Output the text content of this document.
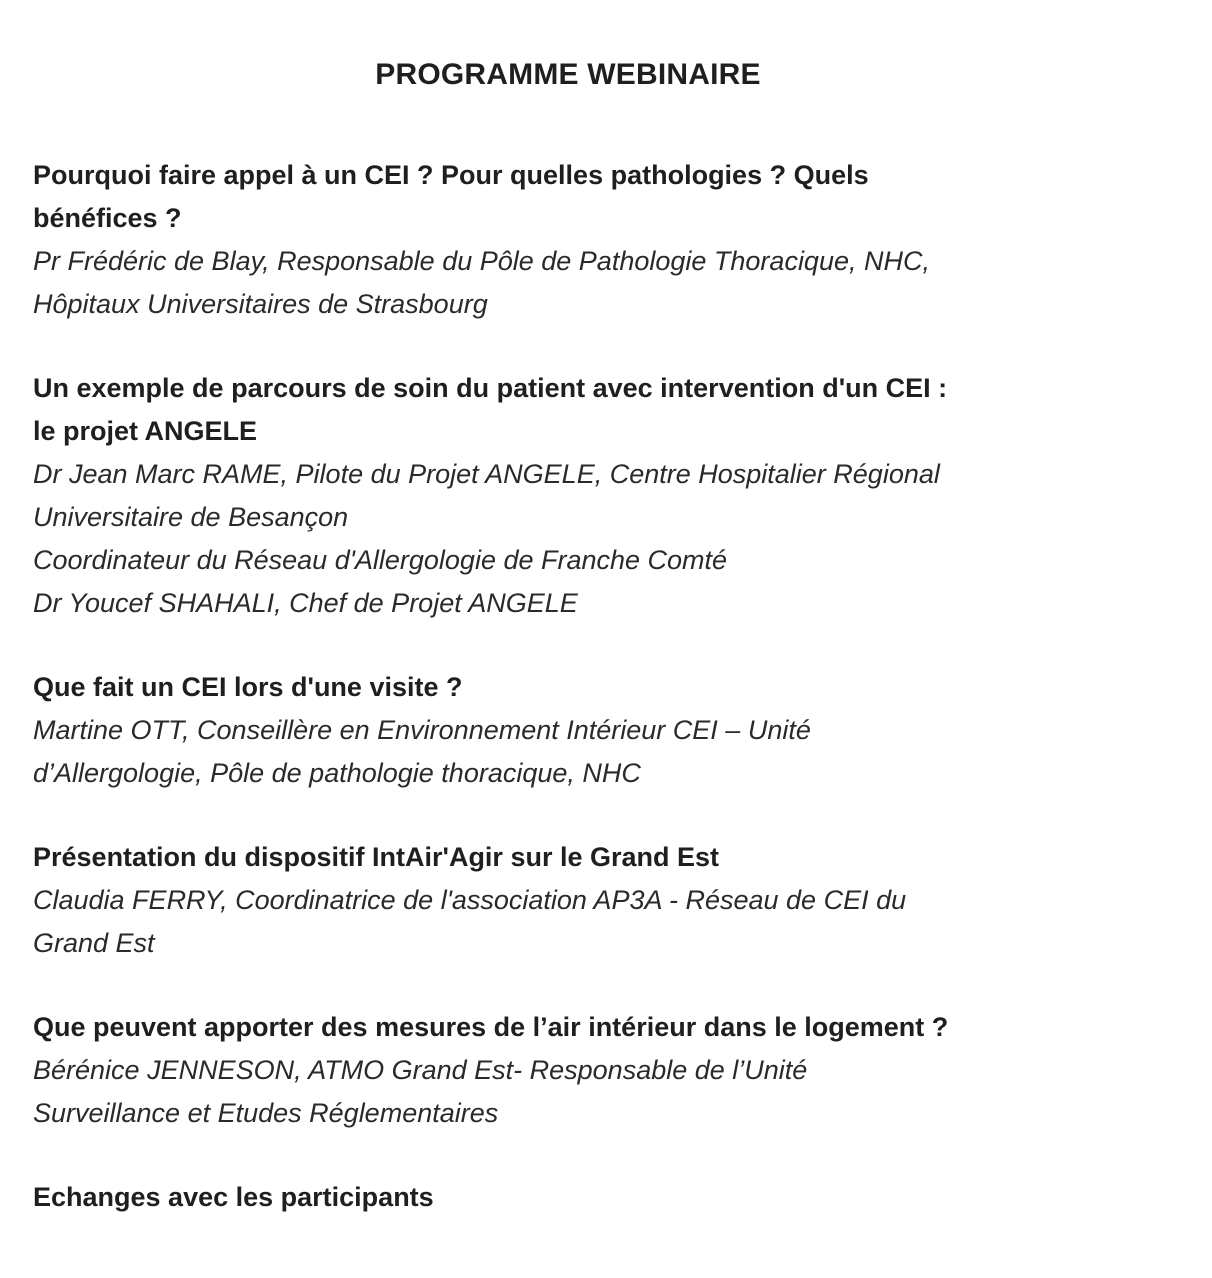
PROGRAMME WEBINAIRE

Pourquoi faire appel à un CEI ? Pour quelles pathologies ? Quels

bénéfices ?

Pr Frédéric de Blay, Responsable du Pôle de Pathologie Thoracique, NHC,

Hôpitaux Universitaires de Strasbourg

Un exemple de parcours de soin du patient avec intervention d'un CEI :

le projet ANGELE

Dr Jean Marc RAME, Pilote du Projet ANGELE, Centre Hospitalier Régional

Universitaire de Besançon

Coordinateur du Réseau d'Allergologie de Franche Comté

Dr Youcef SHAHALI, Chef de Projet ANGELE

Que fait un CEI lors d'une visite ?

Martine OTT, Conseillère en Environnement Intérieur CEI – Unité

d’Allergologie, Pôle de pathologie thoracique, NHC

Présentation du dispositif IntAir'Agir sur le Grand Est

Claudia FERRY, Coordinatrice de l'association AP3A - Réseau de CEI du

Grand Est

Que peuvent apporter des mesures de l’air intérieur dans le logement ?

Bérénice JENNESON, ATMO Grand Est- Responsable de l’Unité

Surveillance et Etudes Réglementaires

Echanges avec les participants
